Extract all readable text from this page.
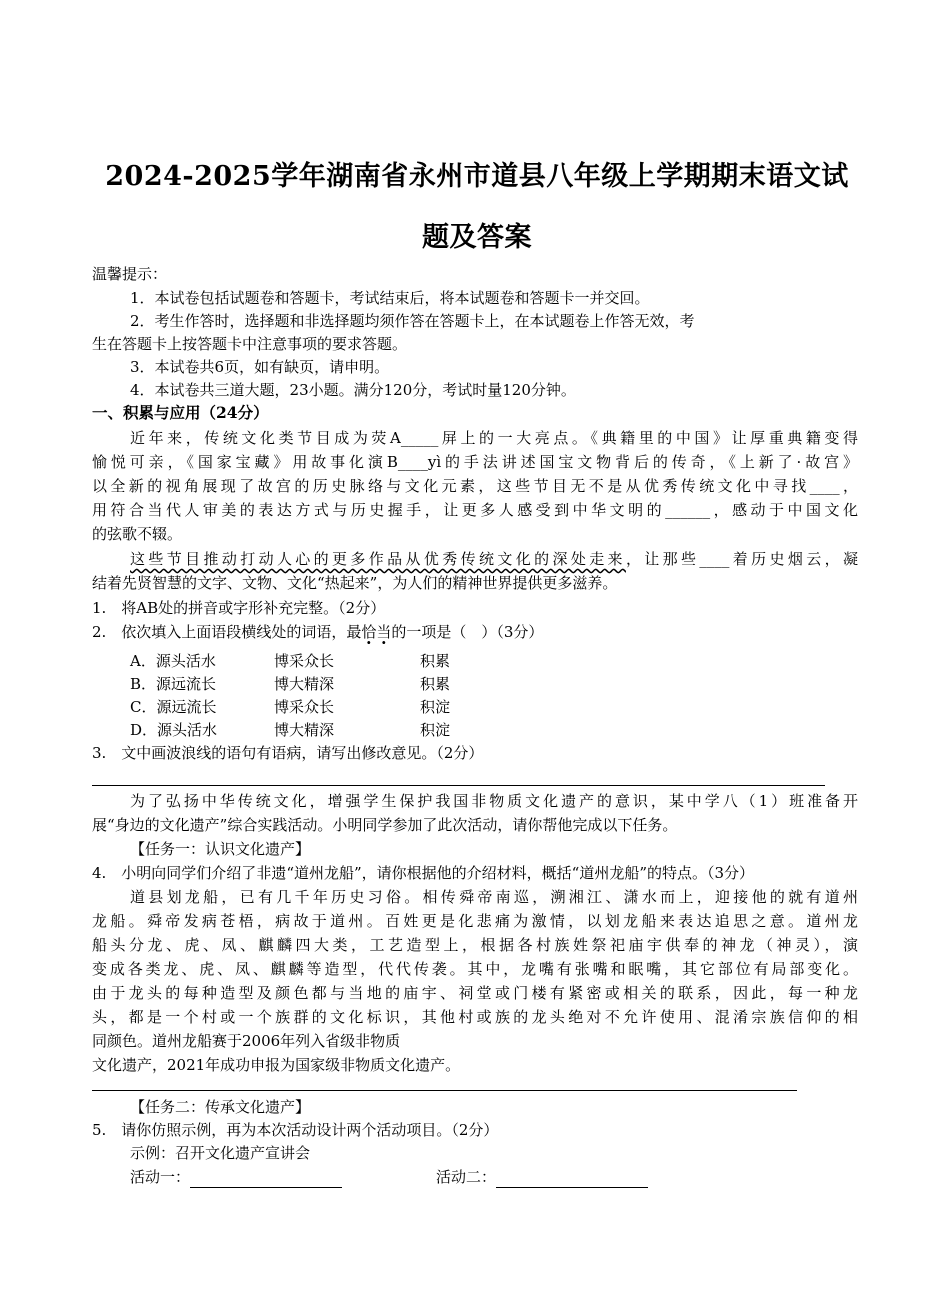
2024-2025学年湖南省永州市道县八年级上学期期末语文试
题及答案
温馨提示：
1．本试卷包括试题卷和答题卡，考试结束后，将本试题卷和答题卡一并交回。
2．考生作答时，选择题和非选择题均须作答在答题卡上，在本试题卷上作答无效，考
生在答题卡上按答题卡中注意事项的要求答题。
3．本试卷共6页，如有缺页，请申明。
4．本试卷共三道大题，23小题。满分120分，考试时量120分钟。
一、积累与应用（24分）
近年来，传统文化类节目成为荧A_____屏上的一大亮点。《典籍里的中国》让厚重典籍变得
愉悦可亲，《国家宝藏》用故事化演B____yì的手法讲述国宝文物背后的传奇，《上新了·故宫》
以全新的视角展现了故宫的历史脉络与文化元素，这些节目无不是从优秀传统文化中寻找____，
用符合当代人审美的表达方式与历史握手，让更多人感受到中华文明的______，感动于中国文化
的弦歌不辍。
这些节目推动打动人心的更多作品从优秀传统文化的深处走来，让那些____着历史烟云，凝
结着先贤智慧的文字、文物、文化“热起来”，为人们的精神世界提供更多滋养。
1.　将AB处的拼音或字形补充完整。（2分）
2.　依次填入上面语段横线处的词语，最恰当的一项是（　）（3分）
A．源头活水	博采众长	积累
B．源远流长	博大精深	积累
C．源远流长	博采众长	积淀
D．源头活水	博大精深	积淀
3.　文中画波浪线的语句有语病，请写出修改意见。（2分）
为了弘扬中华传统文化，增强学生保护我国非物质文化遗产的意识，某中学八（1）班准备开
展“身边的文化遗产”综合实践活动。小明同学参加了此次活动，请你帮他完成以下任务。
【任务一：认识文化遗产】
4.　小明向同学们介绍了非遗“道州龙船”，请你根据他的介绍材料，概括“道州龙船”的特点。（3分）
道县划龙船，已有几千年历史习俗。相传舜帝南巡，溯湘江、潇水而上，迎接他的就有道州
龙船。舜帝发病苍梧，病故于道州。百姓更是化悲痛为激情，以划龙船来表达追思之意。道州龙
船头分龙、虎、凤、麒麟四大类，工艺造型上，根据各村族姓祭祀庙宇供奉的神龙（神灵），演
变成各类龙、虎、凤、麒麟等造型，代代传袭。其中，龙嘴有张嘴和眠嘴，其它部位有局部变化。
由于龙头的每种造型及颜色都与当地的庙宇、祠堂或门楼有紧密或相关的联系，因此，每一种龙
头，都是一个村或一个族群的文化标识，其他村或族的龙头绝对不允许使用、混淆宗族信仰的相
同颜色。道州龙船赛于2006年列入省级非物质
文化遗产，2021年成功申报为国家级非物质文化遗产。
【任务二：传承文化遗产】
5.　请你仿照示例，再为本次活动设计两个活动项目。（2分）
示例：召开文化遗产宣讲会
活动一：	活动二：
